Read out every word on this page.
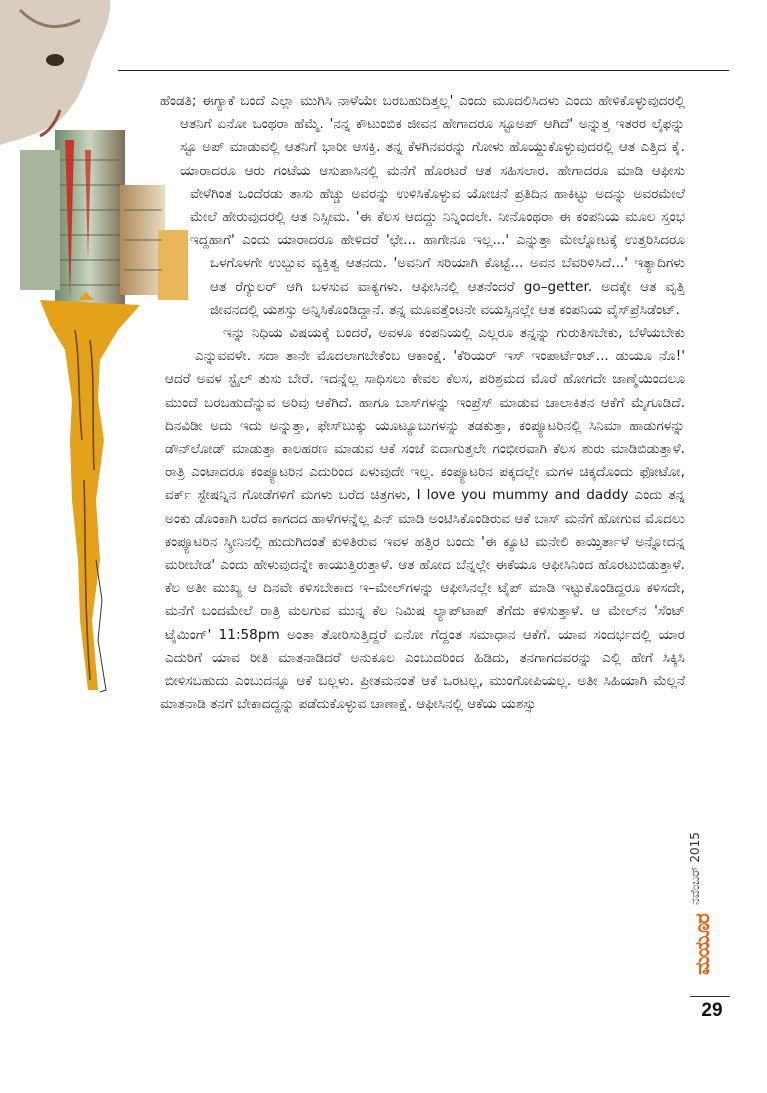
ಹೆಂಡತಿ; ಈಗ್ಯಾಕೆ ಬಂದೆ ಎಲ್ಲಾ ಮುಗಿಸಿ ನಾಳೆಯೇ ಬರಬಹುದಿತ್ತಲ್ಲ' ಎಂದು ಮೂದಲಿಸಿದಳು ಎಂದು ಹೇಳಿಕೊಳ್ಳುವುದರಲ್ಲಿ ಆತನಿಗೆ ಏನೋ ಒಂಥರಾ ಹೆಮ್ಮೆ. 'ನನ್ನ ಕೌಟುಂಬಿಕ ಜೀವನ ಹೇಗಾದರೂ ಸ್ಟೂಅಪ್ ಆಗಿದೆ' ಅನ್ನುತ್ತ ಇತರರ ಲೈಫನ್ನು ಸ್ಟೂ ಅಪ್ ಮಾಡುವಲ್ಲಿ ಆತನಿಗೆ ಭಾರೀ ಆಸಕ್ತಿ. ತನ್ನ ಕೆಳಗಿನವರನ್ನು ಗೋಳು ಹೊಯ್ದುಕೊಳ್ಳುವುದರಲ್ಲಿ ಆತ ಎತ್ತಿದ ಕೈ. ಯಾರಾದರೂ ಆರು ಗಂಟೆಯ ಆಸುಪಾಸಿನಲ್ಲಿ ಮನೆಗೆ ಹೊರಟರೆ ಆತ ಸಹಿಸಲಾರ. ಹೇಗಾದರೂ ಮಾಡಿ ಆಫೀಸು ವೇಳೆಗಿಂತ ಒಂದೆರಡು ತಾಸು ಹೆಚ್ಚು ಅವರನ್ನು ಉಳಿಸಿಕೊಳ್ಳುವ ಯೋಚನೆ ಪ್ರತಿದಿನ ಹಾಕಿಟ್ಟು ಅದನ್ನು ಅವರಮೇಲೆ ಮೇಲೆ ಹೇರುವುದರಲ್ಲಿ ಆತ ನಿಸ್ಸೀಮ. 'ಈ ಕೆಲಸ ಆದದ್ದು ನಿನ್ನಿಂದಲೇ. ನೀನೊಂಥರಾ ಈ ಕಂಪನಿಯ ಮೂಲ ಸ್ತಂಭ ಇದ್ದಹಾಗೆ' ಎಂದು ಯಾರಾದರೂ ಹೇಳಿದರೆ 'ಛೇ... ಹಾಗೇನೂ ಇಲ್ಲ...' ಎನ್ನುತ್ತಾ ಮೇಲ್ನೋಟಕ್ಕೆ ಉತ್ತರಿಸಿದರೂ ಒಳಗೊಳಗೇ ಉಬ್ಬುವ ವ್ಯಕ್ತಿತ್ವ ಆತನದು. 'ಅವನಿಗೆ ಸರಿಯಾಗಿ ಕೊಟ್ಟೆ... ಅವನ ಬೆವರಿಳಿಸಿದೆ...' ಇತ್ಯಾದಿಗಳು ಆತ ರೆಗ್ಯುಲರ್ ಆಗಿ ಬಳಸುವ ವಾಕ್ಯಗಳು. ಆಫೀಸಿನಲ್ಲಿ ಆತನೆಂದರೆ go–getter. ಅದಕ್ಕೇ ಆತ ವೃತ್ತಿ ಜೀವನದಲ್ಲಿ ಯಶಸ್ಸು ಅನ್ನಿಸಿಕೊಂಡಿದ್ದಾನೆ. ತನ್ನ ಮೂವತ್ತೆಂಟನೇ ವಯಸ್ಸಿನಲ್ಲೇ ಆತ ಕಂಪನಿಯ ವೈಸ್‌ಪ್ರೆಸಿಡೆಂಟ್.

ಇನ್ನು ನಿಧಿಯ ವಿಷಯಕ್ಕೆ ಬಂದರೆ, ಅವಳೂ ಕಂಪನಿಯಲ್ಲಿ ಎಲ್ಲರೂ ತನ್ನನ್ನು ಗುರುತಿಸಬೇಕು, ಬೆಳೆಯಬೇಕು ಎನ್ನುವವಳೇ. ಸದಾ ತಾನೇ ಮೊದಲಾಗಬೇಕೆಂಬ ಆಕಾಂಕ್ಷೆ. 'ಕೆರಿಯರ್ ಇಸ್ ಇಂಪಾರ್ಟೆಂಟ್... ಡುಯೂ ನೊ!' ಆದರೆ ಅವಳ ಸ್ಟೈಲ್ ತುಸು ಬೇರೆ. ಇದನ್ನೆಲ್ಲ ಸಾಧಿಸಲು ಕೇವಲ ಕೆಲಸ, ಪರಿಶ್ರಮದ ಮೊರೆ ಹೋಗದೇ ಜಾಣ್ಮೆಯಿಂದಲೂ ಮುಂದೆ ಬರಬಹುದೆನ್ನುವ ಅರಿವು ಆಕೆಗಿದೆ. ಹಾಗೂ ಬಾಸ್‌ಗಳನ್ನು ಇಂಪ್ರೆಸ್ ಮಾಡುವ ಚಾಲಾಕಿತನ ಆಕೆಗೆ ಮೈಗೂಡಿದೆ. ದಿನವಿಡೀ ಅದು ಇದು ಅನ್ನುತ್ತಾ, ಫೇಸ್‌ಬುಕ್ಕು ಯೂಟ್ಯೂಬುಗಳನ್ನು ತಡಕುತ್ತಾ, ಕಂಪ್ಯೂಟರಿನಲ್ಲಿ ಸಿನಿಮಾ ಹಾಡುಗಳನ್ನು ಡೌನ್‌ಲೋಡ್ ಮಾಡುತ್ತಾ ಕಾಲಹರಣ ಮಾಡುವ ಆಕೆ ಸಂಜೆ ಐದಾಗುತ್ತಲೇ ಗಂಭೀರವಾಗಿ ಕೆಲಸ ಶುರು ಮಾಡಿಬಿಡುತ್ತಾಳೆ. ರಾತ್ರಿ ಎಂಟಾದರೂ ಕಂಪ್ಯೂಟರಿನ ಎದುರಿಂದ ಏಳುವುದೇ ಇಲ್ಲ. ಕಂಪ್ಯೂಟರಿನ ಪಕ್ಕದಲ್ಲೇ ಮಗಳ ಚಿಕ್ಕದೊಂದು ಫೋಟೋ, ವರ್ಕ್ ಸ್ಟೇಷನ್ನಿನ ಗೋಡೆಗಳಿಗೆ ಮಗಳು ಬರೆದ ಚಿತ್ರಗಳು, I love you mummy and daddy ಎಂದು ತನ್ನ ಅಂಕು ಡೊಂಕಾಗಿ ಬರೆದ ಕಾಗದದ ಹಾಳೆಗಳನ್ನೆಲ್ಲ ಪಿನ್ ಮಾಡಿ ಅಂಟಿಸಿಕೊಂಡಿರುವ ಆಕೆ ಬಾಸ್ ಮನೆಗೆ ಹೋಗುವ ಮೊದಲು ಕಂಪ್ಯೂಟರಿನ ಸ್ಕ್ರೀನಿನಲ್ಲಿ ಹುದುಗಿದಂತೆ ಕುಳಿತಿರುವ ಇವಳ ಹತ್ತಿರ ಬಂದು 'ಈ ಕ್ಯೂಟಿ ಮನೇಲಿ ಕಾಯ್ತಿರ್ತಾಳೆ ಅನ್ನೋದನ್ನ ಮರೀಬೇಡ' ಎಂದು ಹೇಳುವುದನ್ನೇ ಕಾಯುತ್ತಿರುತ್ತಾಳೆ. ಆತ ಹೋದ ಬೆನ್ನಲ್ಲೇ ಈಕೆಯೂ ಆಫೀಸಿನಿಂದ ಹೊರಟುಬಿಡುತ್ತಾಳೆ. ಕೆಲ ಅತೀ ಮುಖ್ಯ ಆ ದಿನವೇ ಕಳಿಸಬೇಕಾದ ಇ–ಮೇಲ್‌ಗಳನ್ನು ಆಫೀಸಿನಲ್ಲೇ ಟೈಪ್ ಮಾಡಿ ಇಟ್ಟುಕೊಂಡಿದ್ದರೂ ಕಳಿಸದೇ, ಮನೆಗೆ ಬಂದಮೇಲೆ ರಾತ್ರಿ ಮಲಗುವ ಮುನ್ನ ಕೆಲ ನಿಮಿಷ ಲ್ಯಾಪ್‌ಟಾಪ್ ತೆಗೆದು ಕಳಿಸುತ್ತಾಳೆ. ಆ ಮೇಲ್‌ನ 'ಸೆಂಟ್ ಟೈಮಿಂಗ್' 11:58pm ಅಂತಾ ತೋರಿಸುತ್ತಿದ್ದರೆ ಏನೋ ಗೆದ್ದಂತ ಸಮಾಧಾನ ಆಕೆಗೆ. ಯಾವ ಸಂದರ್ಭದಲ್ಲಿ ಯಾರ ಎದುರಿಗೆ ಯಾವ ರೀತಿ ಮಾತನಾಡಿದರೆ ಅನುಕೂಲ ಎಂಬುದರಿಂದ ಹಿಡಿದು, ತನಗಾಗದವರನ್ನು ಎಲ್ಲಿ ಹೇಗೆ ಸಿಕ್ಕಿಸಿ ಬೀಳಿಸಬಹುದು ಎಂಬುದನ್ನೂ ಆಕೆ ಬಲ್ಲಳು. ಪ್ರೀತಮನಂತೆ ಆಕೆ ಒರಟಲ್ಲ, ಮುಂಗೋಪಿಯಲ್ಲ. ಅತೀ ಸಿಹಿಯಾಗಿ ಮೆಲ್ಲನೆ ಮಾತನಾಡಿ ತನಗೆ ಬೇಕಾದದ್ದನ್ನು ಪಡೆದುಕೊಳ್ಳುವ ಚಾಣಾಕ್ಷೆ. ಆಫೀಸಿನಲ್ಲಿ ಆಕೆಯ ಯಶಸ್ಸು

ನವೆಂಬರ್ 2015
ಮಯೂರ
29
